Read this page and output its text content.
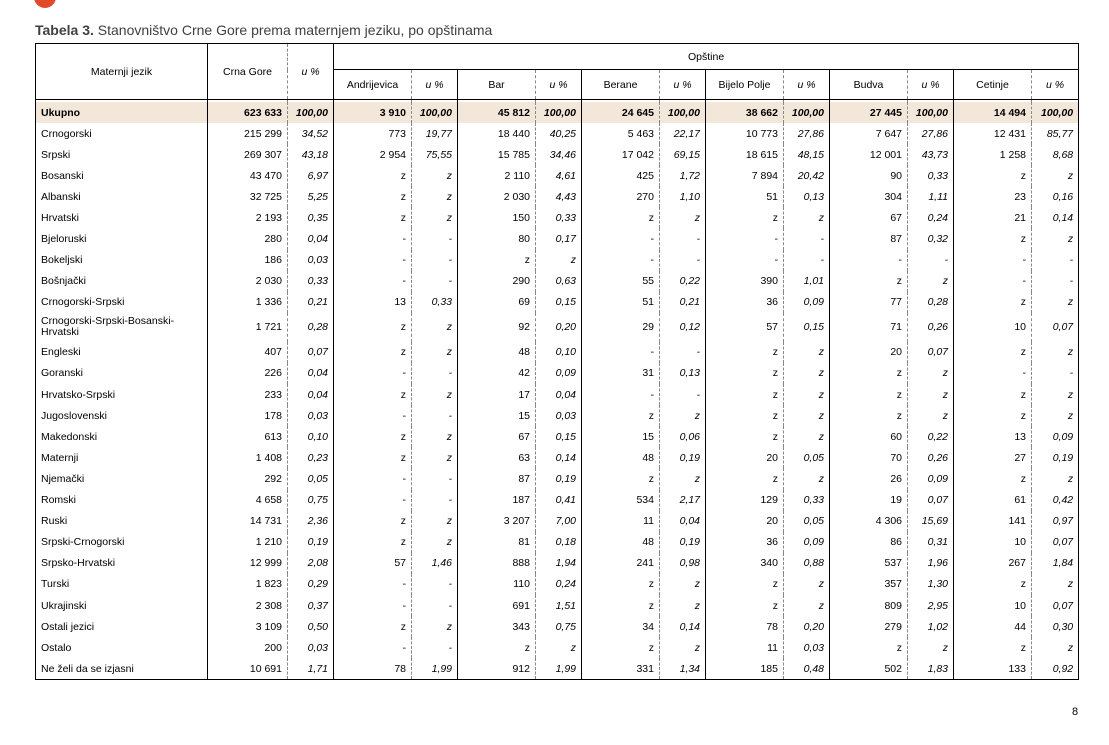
Tabela 3. Stanovništvo Crne Gore prema maternjem jeziku, po opštinama
Maternji jezik	Crna Gore	u %	Opštine											
			Andrijevica	u %	Bar	u %	Berane	u %	Bijelo Polje	u %	Budva	u %	Cetinje	u %

Ukupno	623 633	100,00	3 910	100,00	45 812	100,00	24 645	100,00	38 662	100,00	27 445	100,00	14 494	100,00
Crnogorski	215 299	34,52	773	19,77	18 440	40,25	5 463	22,17	10 773	27,86	7 647	27,86	12 431	85,77
Srpski	269 307	43,18	2 954	75,55	15 785	34,46	17 042	69,15	18 615	48,15	12 001	43,73	1 258	8,68
Bosanski	43 470	6,97	z	z	2 110	4,61	425	1,72	7 894	20,42	90	0,33	z	z
Albanski	32 725	5,25	z	z	2 030	4,43	270	1,10	51	0,13	304	1,11	23	0,16
Hrvatski	2 193	0,35	z	z	150	0,33	z	z	z	z	67	0,24	21	0,14
Bjeloruski	280	0,04	-	-	80	0,17	-	-	-	-	87	0,32	z	z
Bokeljski	186	0,03	-	-	z	z	-	-	-	-	-	-	-	-
Bošnjački	2 030	0,33	-	-	290	0,63	55	0,22	390	1,01	z	z	-	-
Crnogorski-Srpski	1 336	0,21	13	0,33	69	0,15	51	0,21	36	0,09	77	0,28	z	z
Crnogorski-Srpski-Bosanski-Hrvatski	1 721	0,28	z	z	92	0,20	29	0,12	57	0,15	71	0,26	10	0,07
Engleski	407	0,07	z	z	48	0,10	-	-	z	z	20	0,07	z	z
Goranski	226	0,04	-	-	42	0,09	31	0,13	z	z	z	z	-	-
Hrvatsko-Srpski	233	0,04	z	z	17	0,04	-	-	z	z	z	z	z	z
Jugoslovenski	178	0,03	-	-	15	0,03	z	z	z	z	z	z	z	z
Makedonski	613	0,10	z	z	67	0,15	15	0,06	z	z	60	0,22	13	0,09
Maternji	1 408	0,23	z	z	63	0,14	48	0,19	20	0,05	70	0,26	27	0,19
Njemački	292	0,05	-	-	87	0,19	z	z	z	z	26	0,09	z	z
Romski	4 658	0,75	-	-	187	0,41	534	2,17	129	0,33	19	0,07	61	0,42
Ruski	14 731	2,36	z	z	3 207	7,00	11	0,04	20	0,05	4 306	15,69	141	0,97
Srpski-Crnogorski	1 210	0,19	z	z	81	0,18	48	0,19	36	0,09	86	0,31	10	0,07
Srpsko-Hrvatski	12 999	2,08	57	1,46	888	1,94	241	0,98	340	0,88	537	1,96	267	1,84
Turski	1 823	0,29	-	-	110	0,24	z	z	z	z	357	1,30	z	z
Ukrajinski	2 308	0,37	-	-	691	1,51	z	z	z	z	809	2,95	10	0,07
Ostali jezici	3 109	0,50	z	z	343	0,75	34	0,14	78	0,20	279	1,02	44	0,30
Ostalo	200	0,03	-	-	z	z	z	z	11	0,03	z	z	z	z
Ne želi da se izjasni	10 691	1,71	78	1,99	912	1,99	331	1,34	185	0,48	502	1,83	133	0,92
8
